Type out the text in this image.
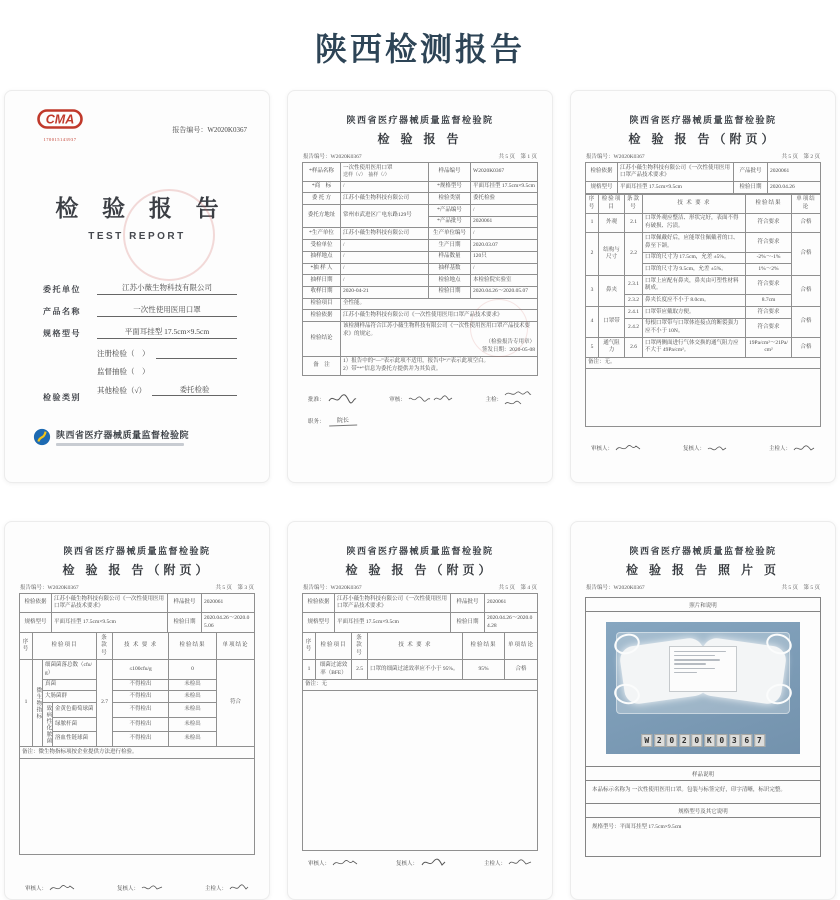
陕西检测报告
CMA
170015143937
报告编号：W2020K0367
检 验 报 告
TEST REPORT
委托单位	江苏小薇生物科技有限公司
产品名称	一次性使用医用口罩
规格型号	平面耳挂型 17.5cm×9.5cm
检验类别
注册检验 （　）
监督抽验 （　）
其他检验 （√）	委托检验
陕西省医疗器械质量监督检验院
陕西省医疗器械质量监督检验院
检 验 报 告
报告编号：W2020K0367	共 5 页　第 1 页
*样品名称	一次性使用医用口罩
送样（√）　抽样（/）	样品编号	W2020K0367
*商　标	/	*规格型号	平面耳挂型 17.5cm×9.5cm
委 托 方	江苏小薇生物科技有限公司	检验类别	委托检验
委托方地址	常州市武进区广电东路129号	*产品编号	/
		*产品批号	2020061
*生产单位	江苏小薇生物科技有限公司	生产单位编号	/
受检单位	/	生产日期	2020.03.07
抽样地点	/	样品数量	120只
*抽 样 人	/	抽样基数	/
抽样日期	/	检验地点	本检验院实验室
收样日期	2020-04-21	检验日期	2020.04.26～2020.05.07
检验项目	全性能。		
检验依据	江苏小薇生物科技有限公司《一次性使用医用口罩产品技术要求》		
检验结论	该检测样品符合江苏小薇生物科技有限公司《一次性使用医用口罩产品技术要求》的规定。
（检验报告专用章）
签发日期：2020-05-08		

备　注	1）报告中的“—”表示此项不适用，报告中“/”表示此项空白。
2）带“*”信息为委托方提供并为其负责。		
批准：	审核：	主检：
职务：	院长
陕西省医疗器械质量监督检验院
检 验 报 告（附页）
报告编号：W2020K0367	共 5 页　第 2 页
检验依据	江苏小薇生物科技有限公司《一次性使用医用口罩产品技术要求》	产品批号	2020061
规格型号	平面耳挂型 17.5cm×9.5cm	检验日期	2020.04.26
序号	检验项目	条款号	技 术 要 求	检验结果	单项结论
1	外观	2.1	口罩外观应整洁、形状完好，表面不得有破损、污渍。	符合要求	合格
2	结构与尺寸	2.2	口罩佩戴好后，应能罩住佩戴者的口、鼻至下颌。	符合要求	合格
			口罩的尺寸为 17.5cm，允差 ±5%。	-2%～-1%	
			口罩的尺寸为 9.5cm，允差 ±5%。	1%～2%	
3	鼻夹	2.3.1	口罩上应配有鼻夹，鼻夹由可塑性材料制成。	符合要求	合格
		2.3.2	鼻夹长度应不小于 8.0cm。	8.7cm	
4	口罩带	2.4.1	口罩带应戴取方便。	符合要求	合格
		2.4.2	每根口罩带与口罩体连接点的断裂强力应不小于 10N。	符合要求	
5	通气阻力	2.6	口罩两侧面进行气体交换的通气阻力应不大于 49Pa/cm²。	19Pa/cm²～21Pa/cm²	合格
备注：无。					
审核人：	复核人：	主检人：
陕西省医疗器械质量监督检验院
检 验 报 告（附页）
报告编号：W2020K0367	共 5 页　第 3 页
检验依据	江苏小薇生物科技有限公司《一次性使用医用口罩产品技术要求》	样品批号	2020061
规格型号	平面耳挂型 17.5cm×9.5cm	检验日期	2020.04.26～2020.05.06
序号	检验项目			条款号	技 术 要 求	检验结果	单项结论
1	微生物指标	细菌菌落总数（cfu/g）		2.7	≤100cfu/g	0	符合
		真菌			不得检出	未检出	
		大肠菌群			不得检出	未检出	
		致病性化脓菌	金黄色葡萄球菌		不得检出	未检出	
			绿脓杆菌		不得检出	未检出	
			溶血性链球菌		不得检出	未检出	
备注：微生物指标项按企业提供方法进行检验。							
审核人：	复核人：	主检人：
陕西省医疗器械质量监督检验院
检 验 报 告（附页）
报告编号：W2020K0367	共 5 页　第 4 页
检验依据	江苏小薇生物科技有限公司《一次性使用医用口罩产品技术要求》	样品批号	2020061
规格型号	平面耳挂型 17.5cm×9.5cm	检验日期	2020.04.26～2020.04.28
序号	检验项目	条款号	技 术 要 求	检验结果	单项结论
1	细菌过滤效率（BFE）	2.5	口罩的细菌过滤效率应不小于 95%。	95%	合格
备注：无					
审核人：	复核人：	主检人：
陕西省医疗器械质量监督检验院
检 验 报 告 照 片 页
报告编号：W2020K0367	共 5 页　第 5 页
照片和说明
W 2 0 2 0 K 0 3 6 7
样品说明
本品标示名称为 一次性使用医用口罩。包装与标签完好，印字清晰，标识完整。
规格型号及其它说明
规格型号：平面耳挂型 17.5cm×9.5cm
